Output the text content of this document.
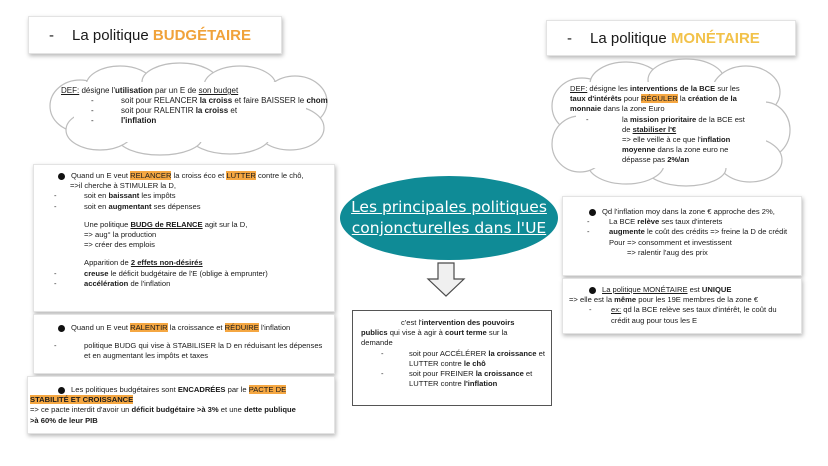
- La politique BUDGÉTAIRE	- La politique MONÉTAIRE
DEF: désigne l'utilisation par un E de son budget
-	soit pour RELANCER la croiss et faire BAISSER le chom
-	soit pour RALENTIR la croiss et
-	l'inflation
DEF: désigne les interventions de la BCE sur les
taux d'intérêts pour RÉGULER la création de la
monnaie dans la zone Euro
-	la mission prioritaire de la BCE est
de stabiliser l'€
=> elle veille à ce que l'inflation
moyenne dans la zone euro ne
dépasse pas 2%/an
Les principales politiques
conjoncturelles dans l'UE
Quand un E veut RELANCER la croiss éco et LUTTER contre le chô,
=>il cherche à STIMULER la D,
-	soit en baissant les impôts
-	soit en augmentant ses dépenses
Une politique BUDG de RELANCE agit sur la D,
=> aug° la production
=> créer des emplois
Apparition de 2 effets non-désirés
-	creuse le déficit budgétaire de l'E (oblige à emprunter)
-	accélération de l'inflation
Quand un E veut RALENTIR la croissance et RÉDUIRE l'inflation
-	politique BUDG qui vise à STABILISER la D en réduisant les dépenses
et en augmentant les impôts et taxes
Les politiques budgétaires sont ENCADRÉES par le PACTE DE
STABILITÉ ET CROISSANCE
=> ce pacte interdit d'avoir un déficit budgétaire >à 3% et une dette publique
>à 60% de leur PIB
c'est l'intervention des pouvoirs
publics qui vise à agir à court terme sur la
demande
-	soit pour ACCÉLÉRER la croissance et
LUTTER contre le chô
-	soit pour FREINER la croissance et
LUTTER contre l'inflation
Qd l'inflation moy dans la zone € approche des 2%,
-	La BCE relève ses taux d'interets
-	augmente le coût des crédits => freine la D de crédit
Pour => consomment et investissent
=> ralentir l'aug des prix
La politique MONÉTAIRE est UNIQUE
=> elle est la même pour les 19E membres de la zone €
-	ex: qd la BCE relève ses taux d'intérêt, le coût du
crédit aug pour tous les E
